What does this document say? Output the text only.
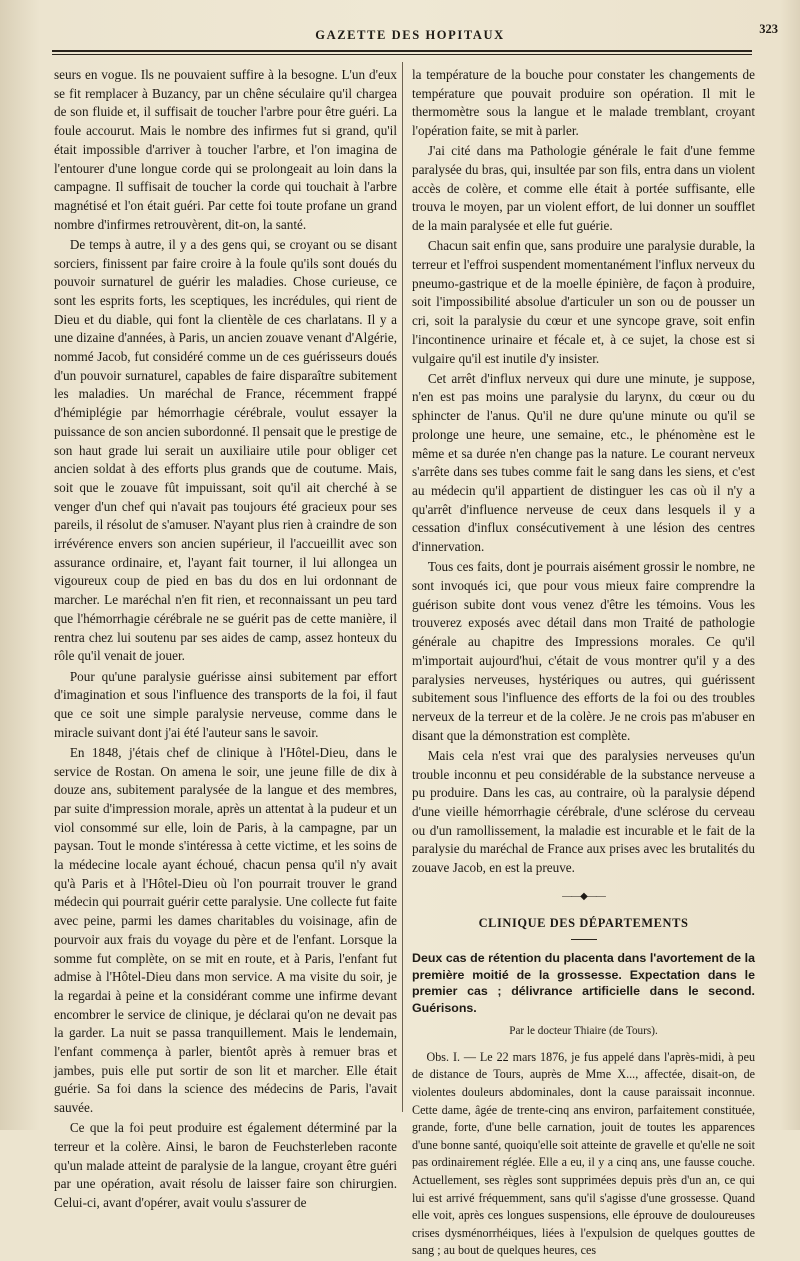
GAZETTE DES HOPITAUX	323

seurs en vogue. Ils ne pouvaient suffire à la besogne. L'un d'eux se fit remplacer à Buzancy, par un chêne séculaire qu'il chargea de son fluide et, il suffisait de toucher l'arbre pour être guéri. La foule accourut. Mais le nombre des infirmes fut si grand, qu'il était impossible d'arriver à toucher l'arbre, et l'on imagina de l'entourer d'une longue corde qui se prolongeait au loin dans la campagne. Il suffisait de toucher la corde qui touchait à l'arbre magnétisé et l'on était guéri. Par cette foi toute profane un grand nombre d'infirmes retrouvèrent, dit-on, la santé.

De temps à autre, il y a des gens qui, se croyant ou se disant sorciers, finissent par faire croire à la foule qu'ils sont doués du pouvoir surnaturel de guérir les maladies. Chose curieuse, ce sont les esprits forts, les sceptiques, les incrédules, qui rient de Dieu et du diable, qui font la clientèle de ces charlatans. Il y a une dizaine d'années, à Paris, un ancien zouave venant d'Algérie, nommé Jacob, fut considéré comme un de ces guérisseurs doués d'un pouvoir surnaturel, capables de faire disparaître subitement les maladies. Un maréchal de France, récemment frappé d'hémiplégie par hémorrhagie cérébrale, voulut essayer la puissance de son ancien subordonné. Il pensait que le prestige de son haut grade lui serait un auxiliaire utile pour obliger cet ancien soldat à des efforts plus grands que de coutume. Mais, soit que le zouave fût impuissant, soit qu'il ait cherché à se venger d'un chef qui n'avait pas toujours été gracieux pour ses pareils, il résolut de s'amuser. N'ayant plus rien à craindre de son irrévérence envers son ancien supérieur, il l'accueillit avec son assurance ordinaire, et, l'ayant fait tourner, il lui allongea un vigoureux coup de pied en bas du dos en lui ordonnant de marcher. Le maréchal n'en fit rien, et reconnaissant un peu tard que l'hémorrhagie cérébrale ne se guérit pas de cette manière, il rentra chez lui soutenu par ses aides de camp, assez honteux du rôle qu'il venait de jouer.

Pour qu'une paralysie guérisse ainsi subitement par effort d'imagination et sous l'influence des transports de la foi, il faut que ce soit une simple paralysie nerveuse, comme dans le miracle suivant dont j'ai été l'auteur sans le savoir.

En 1848, j'étais chef de clinique à l'Hôtel-Dieu, dans le service de Rostan. On amena le soir, une jeune fille de dix à douze ans, subitement paralysée de la langue et des membres, par suite d'impression morale, après un attentat à la pudeur et un viol consommé sur elle, loin de Paris, à la campagne, par un paysan. Tout le monde s'intéressa à cette victime, et les soins de la médecine locale ayant échoué, chacun pensa qu'il n'y avait qu'à Paris et à l'Hôtel-Dieu où l'on pourrait trouver le grand médecin qui pourrait guérir cette paralysie. Une collecte fut faite avec peine, parmi les dames charitables du voisinage, afin de pourvoir aux frais du voyage du père et de l'enfant. Lorsque la somme fut complète, on se mit en route, et à Paris, l'enfant fut admise à l'Hôtel-Dieu dans mon service. A ma visite du soir, je la regardai à peine et la considérant comme une infirme devant encombrer le service de clinique, je déclarai qu'on ne devait pas la garder. La nuit se passa tranquillement. Mais le lendemain, l'enfant commença à parler, bientôt après à remuer bras et jambes, puis elle put sortir de son lit et marcher. Elle était guérie. Sa foi dans la science des médecins de Paris, l'avait sauvée.

Ce que la foi peut produire est également déterminé par la terreur et la colère. Ainsi, le baron de Feuchsterleben raconte qu'un malade atteint de paralysie de la langue, croyant être guéri par une opération, avait résolu de laisser faire son chirurgien. Celui-ci, avant d'opérer, avait voulu s'assurer de

la température de la bouche pour constater les changements de température que pouvait produire son opération. Il mit le thermomètre sous la langue et le malade tremblant, croyant l'opération faite, se mit à parler.

J'ai cité dans ma Pathologie générale le fait d'une femme paralysée du bras, qui, insultée par son fils, entra dans un violent accès de colère, et comme elle était à portée suffisante, elle trouva le moyen, par un violent effort, de lui donner un soufflet de la main paralysée et elle fut guérie.

Chacun sait enfin que, sans produire une paralysie durable, la terreur et l'effroi suspendent momentanément l'influx nerveux du pneumo-gastrique et de la moelle épinière, de façon à produire, soit l'impossibilité absolue d'articuler un son ou de pousser un cri, soit la paralysie du cœur et une syncope grave, soit enfin l'incontinence urinaire et fécale et, à ce sujet, la chose est si vulgaire qu'il est inutile d'y insister.

Cet arrêt d'influx nerveux qui dure une minute, je suppose, n'en est pas moins une paralysie du larynx, du cœur ou du sphincter de l'anus. Qu'il ne dure qu'une minute ou qu'il se prolonge une heure, une semaine, etc., le phénomène est le même et sa durée n'en change pas la nature. Le courant nerveux s'arrête dans ses tubes comme fait le sang dans les siens, et c'est au médecin qu'il appartient de distinguer les cas où il n'y a qu'arrêt d'influence nerveuse de ceux dans lesquels il y a cessation d'influx consécutivement à une lésion des centres d'innervation.

Tous ces faits, dont je pourrais aisément grossir le nombre, ne sont invoqués ici, que pour vous mieux faire comprendre la guérison subite dont vous venez d'être les témoins. Vous les trouverez exposés avec détail dans mon Traité de pathologie générale au chapitre des Impressions morales. Ce qu'il m'importait aujourd'hui, c'était de vous montrer qu'il y a des paralysies nerveuses, hystériques ou autres, qui guérissent subitement sous l'influence des efforts de la foi ou des troubles nerveux de la terreur et de la colère. Je ne crois pas m'abuser en disant que la démonstration est complète.

Mais cela n'est vrai que des paralysies nerveuses qu'un trouble inconnu et peu considérable de la substance nerveuse a pu produire. Dans les cas, au contraire, où la paralysie dépend d'une vieille hémorrhagie cérébrale, d'une sclérose du cerveau ou d'un ramollissement, la maladie est incurable et le fait de la paralysie du maréchal de France aux prises avec les brutalités du zouave Jacob, en est la preuve.

——◆——
CLINIQUE DES DÉPARTEMENTS
Deux cas de rétention du placenta dans l'avortement de la première moitié de la grossesse. Expectation dans le premier cas ; délivrance artificielle dans le second. Guérisons.
Par le docteur Thiaire (de Tours).

Obs. I. — Le 22 mars 1876, je fus appelé dans l'après-midi, à peu de distance de Tours, auprès de Mme X..., affectée, disait-on, de violentes douleurs abdominales, dont la cause paraissait inconnue. Cette dame, âgée de trente-cinq ans environ, parfaitement constituée, grande, forte, d'une belle carnation, jouit de toutes les apparences d'une bonne santé, quoiqu'elle soit atteinte de gravelle et qu'elle ne soit pas ordinairement réglée. Elle a eu, il y a cinq ans, une fausse couche. Actuellement, ses règles sont supprimées depuis près d'un an, ce qui lui est arrivé fréquemment, sans qu'il s'agisse d'une grossesse. Quand elle voit, après ces longues suspensions, elle éprouve de douloureuses crises dysménorrhéiques, liées à l'expulsion de quelques gouttes de sang ; au bout de quelques heures, ces
